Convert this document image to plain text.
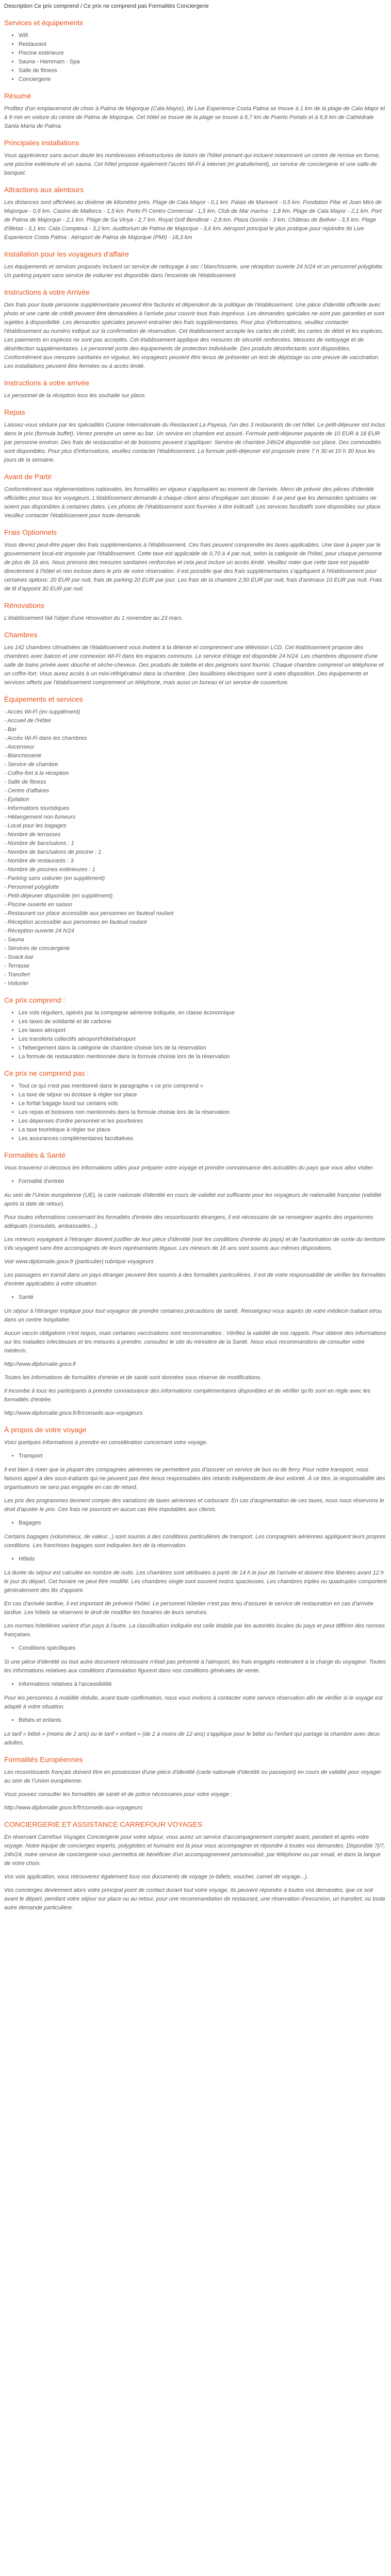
Description Ce prix comprend / Ce prix ne comprend pas Formalités Conciergerie
Services et équipements
• Wifi
• Restaurant
• Piscine extérieure
• Sauna - Hammam - Spa
• Salle de fitness
• Conciergerie
Résumé

Profitez d'un emplacement de choix à Palma de Majorque (Cala Mayor), Ibi Live Experience Costa Palma se trouve à 1 km de la plage de Cala Major et à 9 min en voiture du centre de Palma de Majorque. Cet hôtel se trouve de la plage se trouve à 6,7 km de Puerto Portals et à 6,8 km de Cathédrale Santa María de Palma.

Principales installations

Vous apprécierez sans aucun doute les nombreuses infrastructures de loisirs de l'hôtel prenant qui incluent notamment un centre de remise en forme, une piscine extérieure et un sauna. Cet hôtel propose également l'accès Wi-Fi à internet (et gratuitement), un service de conciergerie et une salle de banquet.

Attractions aux alentours

Les distances sont affichées au dixième de kilomètre près. Plage de Cala Mayor - 0,1 km. Palais de Marivent - 0,5 km. Fondation Pilar et Joan Miró de Majorque - 0,6 km. Casino de Mallorca - 1,5 km. Porto Pi Centro Comercial - 1,5 km. Club de Mar marina - 1,8 km. Plage de Cala Mayor - 2,1 km. Port de Palma de Majorque - 2,1 km. Plage de Sa Vinya - 2,7 km. Royal Golf Bendinat - 2,8 km. Plaza Gomila - 3 km. Château de Bellver - 3,5 km. Plage d'Illetas - 3,1 km. Cala Comptesa - 3,2 km. Auditorium de Palma de Majorque - 3,6 km. Aéroport principal le plus pratique pour rejoindre Ibi Live Experience Costa Palma : Aéroport de Palma de Majorque (PMI) - 18,3 km

Installation pour les voyageurs d'affaire

Les équipements et services proposés incluent un service de nettoyage à sec / blanchisserie, une réception ouverte 24 h/24 et un personnel polyglotte. Un parking payant sans service de voiturier est disponible dans l'enceinte de l'établissement.

Instructions à votre Arrivée

Des frais pour toute personne supplémentaire peuvent être facturés et dépendent de la politique de l'établissement. Une pièce d'identité officielle avec photo et une carte de crédit peuvent être demandées à l'arrivée pour couvrir tous frais imprévus. Les demandes spéciales ne sont pas garanties et sont sujettes à disponibilité. Les demandes spéciales peuvent entraîner des frais supplémentaires. Pour plus d'informations, veuillez contacter l'établissement au numéro indiqué sur la confirmation de réservation. Cet établissement accepte les cartes de crédit, les cartes de débit et les espèces. Les paiements en espèces ne sont pas acceptés. Cet établissement applique des mesures de sécurité renforcées. Mesures de nettoyage et de désinfection supplémentaires. Le personnel porte des équipements de protection individuelle. Des produits désinfectants sont disponibles. Conformément aux mesures sanitaires en vigueur, les voyageurs peuvent être tenus de présenter un test de dépistage ou une preuve de vaccination. Les installations peuvent être fermées ou à accès limité.

Instructions à votre arrivée

Le personnel de la réception tous les souhaite sur place.

Repas

Laissez-vous séduire par les spécialités Cuisine Internationale du Restaurant La Payesa, l'un des 3 restaurants de cet hôtel. Le petit-déjeuner est inclus dans le prix (formule buffet). Venez prendre un verre au bar. Un service en chambre est assuré. Formule petit-déjeuner payante de 10 EUR à 18 EUR par personne environ. Des frais de restauration et de boissons peuvent s'appliquer. Service de chambre 24h/24 disponible sur place. Des commodités sont disponibles. Pour plus d'informations, veuillez contacter l'établissement. La formule petit-déjeuner est proposée entre 7 h 30 et 10 h 30 tous les jours de la semaine.

Avant de Partir

Conformément aux réglementations nationales, les formalités en vigueur s'appliquent au moment de l'arrivée. Merci de prévoir des pièces d'identité officielles pour tous les voyageurs. L'établissement demande à chaque client ainsi d'expliquer son dossier. Il se peut que les demandes spéciales ne soient pas disponibles à certaines dates. Les photos de l'établissement sont fournies à titre indicatif. Les services facultatifs sont disponibles sur place. Veuillez contacter l'établissement pour toute demande.

Frais Optionnels

Vous devrez peut-être payer des frais supplémentaires à l'établissement. Ces frais peuvent comprendre les taxes applicables. Une taxe à payer par le gouvernement local est imposée par l'établissement. Cette taxe est applicable de 0,70 à 4 par nuit, selon la catégorie de l'hôtel, pour chaque personne de plus de 16 ans. Nous prenons des mesures sanitaires renforcées et cela peut inclure un accès limité. Veuillez noter que cette taxe est payable directement à l'hôtel et non incluse dans le prix de votre réservation. Il est possible que des frais supplémentaires s'appliquent à l'établissement pour certaines options: 20 EUR par nuit, frais de parking 20 EUR par jour. Les frais de la chambre 2,50 EUR par nuit, frais d'animaux 10 EUR par nuit. Frais de lit d'appoint 30 EUR par nuit.

Rénovations

L'établissement fait l'objet d'une rénovation du 1 novembre au 23 mars.

Chambres

Les 142 chambres climatisées de l'établissement vous invitent à la détente et comprennent une télévision LCD. Cet établissement propose des chambres avec balcon et une connexion Wi-Fi dans les espaces communs. Le service d'étage est disponible 24 h/24. Les chambres disposent d'une salle de bains privée avec douche et sèche-cheveux. Des produits de toilette et des peignoirs sont fournis. Chaque chambre comprend un téléphone et un coffre-fort. Vous aurez accès à un mini-réfrigérateur dans la chambre. Des bouilloires électriques sont à votre disposition. Des équipements et services offerts par l'établissement comprennent un téléphone, mais aussi un bureau et un service de couverture.

Équipements et services

- Accès Wi-Fi (en supplément)
- Accueil de l'Hôtel
- Bar
- Accès Wi-Fi dans les chambres
- Ascenseur
- Blanchisserie
- Service de chambre
- Coffre-fort à la réception
- Salle de fitness
- Centre d'affaires
- Épilation
- Informations touristiques
- Hébergement non-fumeurs
- Local pour les bagages
- Nombre de terrasses
- Nombre de bars/salons : 1
- Nombre de bars/salons de piscine : 1
- Nombre de restaurants : 3
- Nombre de piscines extérieures : 1
- Parking sans voiturier (en supplément)
- Personnel polyglotte
- Petit-déjeuner disponible (en supplément)
- Piscine ouverte en saison
- Restaurant sur place accessible aux personnes en fauteuil roulant
- Réception accessible aux personnes en fauteuil roulant
- Réception ouverte 24 h/24
- Sauna
- Services de conciergerie
- Snack-bar
- Terrasse
- Transfert
- Voiturier

Ce prix comprend :
• Les vols réguliers, opérés par la compagnie aérienne indiquée, en classe économique
• Les taxes de solidarité et de carbone
• Les taxes aéroport
• Les transferts collectifs aéroport/hôtel/aéroport
• L'hébergement dans la catégorie de chambre choisie lors de la réservation
• La formule de restauration mentionnée dans la formule choisie lors de la réservation
Ce prix ne comprend pas :
• Tout ce qui n'est pas mentionné dans le paragraphe « ce prix comprend »
• La taxe de séjour ou écotaxe à régler sur place
• Le forfait bagage lourd sur certains vols
• Les repas et boissons non mentionnés dans la formule choisie lors de la réservation
• Les dépenses d'ordre personnel et les pourboires
• La taxe touristique à régler sur place
• Les assurances complémentaires facultatives
Formalités & Santé

Vous trouverez ci-dessous les informations utiles pour préparer votre voyage et prendre connaissance des actualités du pays que vous allez visiter.

• Formalité d'entrée

Au sein de l'Union européenne (UE), la carte nationale d'identité en cours de validité est suffisante pour les voyageurs de nationalité française (validité après la date de retour).

Pour toutes informations concernant les formalités d'entrée des ressortissants étrangers, il est nécessaire de se renseigner auprès des organismes adéquats (consulats, ambassades...).

Les mineurs voyageant à l'étranger doivent justifier de leur pièce d'identité (voir les conditions d'entrée du pays) et de l'autorisation de sortie du territoire s'ils voyagent sans être accompagnés de leurs représentants légaux. Les mineurs de 16 ans sont soumis aux mêmes dispositions.

Voir www.diplomatie.gouv.fr (particulier) rubrique voyageurs

Les passagers en transit dans un pays étranger peuvent être soumis à des formalités particulières. Il est de votre responsabilité de vérifier les formalités d'entrée applicables à votre situation.

• Santé

Un séjour à l'étranger implique pour tout voyageur de prendre certaines précautions de santé. Renseignez-vous auprès de votre médecin traitant et/ou dans un centre hospitalier.

Aucun vaccin obligatoire n'est requis, mais certaines vaccinations sont recommandées : Vérifiez la validité de vos rappels. Pour obtenir des informations sur les maladies infectieuses et les mesures à prendre, consultez le site du ministère de la Santé. Nous vous recommandons de consulter votre médecin.

http://www.diplomatie.gouv.fr

Toutes les informations de formalités d'entrée et de santé sont données sous réserve de modifications.

Il incombe à tous les participants à prendre connaissance des informations complémentaires disponibles et de vérifier qu'ils sont en règle avec les formalités d'entrée.

http://www.diplomatie.gouv.fr/fr/conseils-aux-voyageurs

À propos de votre voyage

Voici quelques informations à prendre en considération concernant votre voyage.

• Transport

Il est bien à noter que la plupart des compagnies aériennes ne permettent pas d'assurer un service de bus ou de ferry. Pour notre transport, nous faisons appel à des sous-traitants qui ne peuvent pas être tenus responsables des retards indépendants de leur volonté. À ce titre, la responsabilité des organisateurs ne sera pas engagée en cas de retard.

Les prix des programmes tiennent compte des variations de taxes aériennes et carburant. En cas d'augmentation de ces taxes, nous nous réservons le droit d'ajuster le prix. Ces frais ne pourront en aucun cas être imputables aux clients.

• Bagages

Certains bagages (volumineux, de valeur...) sont soumis à des conditions particulières de transport. Les compagnies aériennes appliquent leurs propres conditions. Les franchises bagages sont indiquées lors de la réservation.

• Hôtels

La durée du séjour est calculée en nombre de nuits. Les chambres sont attribuées à partir de 14 h le jour de l'arrivée et doivent être libérées avant 12 h le jour du départ. Cet horaire ne peut être modifié. Les chambres single sont souvent moins spacieuses. Les chambres triples ou quadruples comportent généralement des lits d'appoint.

En cas d'arrivée tardive, il est important de prévenir l'hôtel. Le personnel hôtelier n'est pas tenu d'assurer le service de restauration en cas d'arrivée tardive. Les hôtels se réservent le droit de modifier les horaires de leurs services.

Les normes hôtelières varient d'un pays à l'autre. La classification indiquée est celle établie par les autorités locales du pays et peut différer des normes françaises.

• Conditions spécifiques

Si une pièce d'identité ou tout autre document nécessaire n'était pas présenté à l'aéroport, les frais engagés resteraient à la charge du voyageur. Toutes les informations relatives aux conditions d'annulation figurent dans nos conditions générales de vente.

• Informations relatives à l'accessibilité

Pour les personnes à mobilité réduite, avant toute confirmation, nous vous invitons à contacter notre service réservation afin de vérifier si le voyage est adapté à votre situation.

• Bébés et enfants

Le tarif « bébé » (moins de 2 ans) ou le tarif « enfant » (de 2 à moins de 12 ans) s'applique pour le bébé ou l'enfant qui partage la chambre avec deux adultes.

Formalités Européennes

Les ressortissants français doivent être en possession d'une pièce d'identité (carte nationale d'identité ou passeport) en cours de validité pour voyager au sein de l'Union européenne.

Vous pouvez consulter les formalités de santé et de police nécessaires pour votre voyage :

http://www.diplomatie.gouv.fr/fr/conseils-aux-voyageurs

CONCIERGERIE ET ASSISTANCE CARREFOUR VOYAGES

En réservant Carrefour Voyages Conciergerie pour votre séjour, vous aurez un service d'accompagnement complet avant, pendant et après votre voyage. Notre équipe de concierges experts, polyglottes et humains est là pour vous accompagner et répondre à toutes vos demandes. Disponible 7j/7, 24h/24, notre service de conciergerie vous permettra de bénéficier d'un accompagnement personnalisé, par téléphone ou par email, et dans la langue de votre choix.

Vos voix application, vous retrouverez également tous vos documents de voyage (e-billets, voucher, carnet de voyage...).

Vos concierges deviennent alors votre principal point de contact durant tout votre voyage. Ils peuvent répondre à toutes vos demandes, que ce soit avant le départ, pendant votre séjour sur place ou au retour, pour une recommandation de restaurant, une réservation d'excursion, un transfert, ou toute autre demande particulière.
